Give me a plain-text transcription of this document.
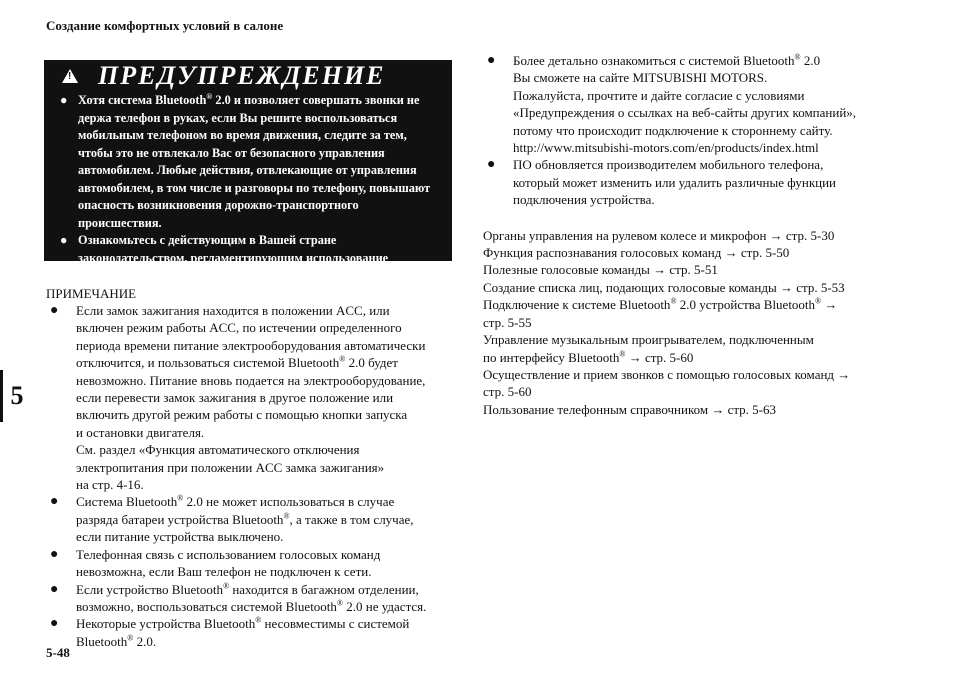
Создание комфортных условий в салоне
5
! ПРЕДУПРЕЖДЕНИЕ
● Хотя система Bluetooth® 2.0 и позволяет совершать звонки не
держа телефон в руках, если Вы решите воспользоваться
мобильным телефоном во время движения, следите за тем,
чтобы это не отвлекало Вас от безопасного управления
автомобилем. Любые действия, отвлекающие от управления
автомобилем, в том числе и разговоры по телефону, повышают
опасность возникновения дорожно-транспортного
происшествия.
● Ознакомьтесь с действующим в Вашей стране
законодательством, регламентирующим использование
мобильного телефона за рулем, и соблюдайте его требования.
ПРИМЕЧАНИЕ
● Если замок зажигания находится в положении ACC, или
включен режим работы ACC, по истечении определенного
периода времени питание электрооборудования автоматически
отключится, и пользоваться системой Bluetooth® 2.0 будет
невозможно. Питание вновь подается на электрооборудование,
если перевести замок зажигания в другое положение или
включить другой режим работы с помощью кнопки запуска
и остановки двигателя.
См. раздел «Функция автоматического отключения
электропитания при положении ACC замка зажигания»
на стр. 4-16.
● Система Bluetooth® 2.0 не может использоваться в случае
разряда батареи устройства Bluetooth®, а также в том случае,
если питание устройства выключено.
● Телефонная связь с использованием голосовых команд
невозможна, если Ваш телефон не подключен к сети.
● Если устройство Bluetooth® находится в багажном отделении,
возможно, воспользоваться системой Bluetooth® 2.0 не удастся.
● Некоторые устройства Bluetooth® несовместимы с системой
Bluetooth® 2.0.
● Более детально ознакомиться с системой Bluetooth® 2.0
Вы сможете на сайте MITSUBISHI MOTORS.
Пожалуйста, прочтите и дайте согласие с условиями
«Предупреждения о ссылках на веб-сайты других компаний»,
потому что происходит подключение к стороннему сайту.
http://www.mitsubishi-motors.com/en/products/index.html
● ПО обновляется производителем мобильного телефона,
который может изменить или удалить различные функции
подключения устройства.
Органы управления на рулевом колесе и микрофон → стр. 5-30
Функция распознавания голосовых команд → стр. 5-50
Полезные голосовые команды → стр. 5-51
Создание списка лиц, подающих голосовые команды → стр. 5-53
Подключение к системе Bluetooth® 2.0 устройства Bluetooth® →
стр. 5-55
Управление музыкальным проигрывателем, подключенным
по интерфейсу Bluetooth® → стр. 5-60
Осуществление и прием звонков с помощью голосовых команд →
стр. 5-60
Пользование телефонным справочником → стр. 5-63
5-48
